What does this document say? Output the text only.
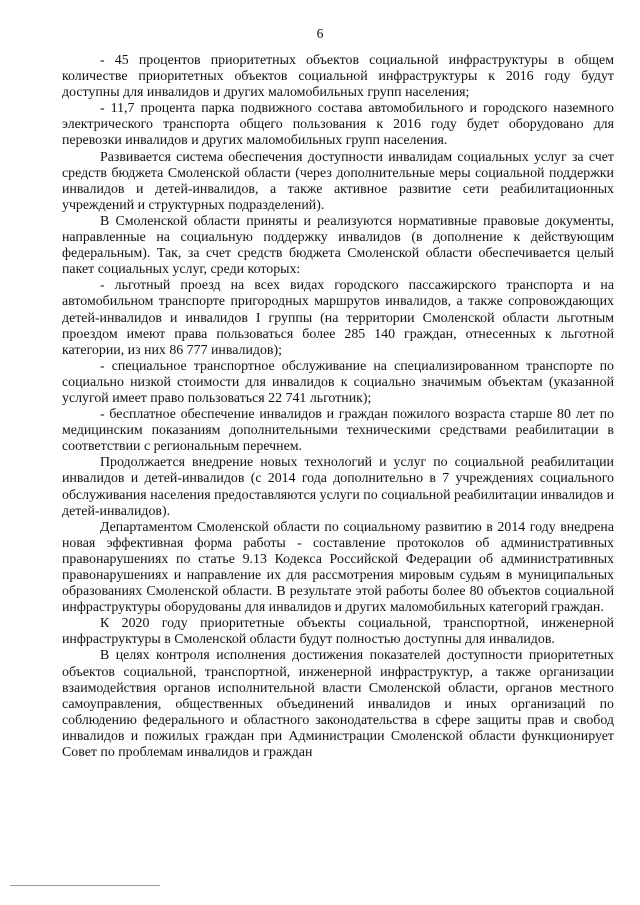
6

- 45 процентов приоритетных объектов социальной инфраструктуры в общем количестве приоритетных объектов социальной инфраструктуры к 2016 году будут доступны для инвалидов и других маломобильных групп населения;

- 11,7 процента парка подвижного состава автомобильного и городского наземного электрического транспорта общего пользования к 2016 году будет оборудовано для перевозки инвалидов и других маломобильных групп населения.

Развивается система обеспечения доступности инвалидам социальных услуг за счет средств бюджета Смоленской области (через дополнительные меры социальной поддержки инвалидов и детей-инвалидов, а также активное развитие сети реабилитационных учреждений и структурных подразделений).

В Смоленской области приняты и реализуются нормативные правовые документы, направленные на социальную поддержку инвалидов (в дополнение к действующим федеральным). Так, за счет средств бюджета Смоленской области обеспечивается целый пакет социальных услуг, среди которых:

- льготный проезд на всех видах городского пассажирского транспорта и на автомобильном транспорте пригородных маршрутов инвалидов, а также сопровождающих детей-инвалидов и инвалидов I группы (на территории Смоленской области льготным проездом имеют права пользоваться более 285 140 граждан, отнесенных к льготной категории, из них 86 777 инвалидов);

- специальное транспортное обслуживание на специализированном транспорте по социально низкой стоимости для инвалидов к социально значимым объектам (указанной услугой имеет право пользоваться 22 741 льготник);

- бесплатное обеспечение инвалидов и граждан пожилого возраста старше 80 лет по медицинским показаниям дополнительными техническими средствами реабилитации в соответствии с региональным перечнем.

Продолжается внедрение новых технологий и услуг по социальной реабилитации инвалидов и детей-инвалидов (с 2014 года дополнительно в 7 учреждениях социального обслуживания населения предоставляются услуги по социальной реабилитации инвалидов и детей-инвалидов).

Департаментом Смоленской области по социальному развитию в 2014 году внедрена новая эффективная форма работы - составление протоколов об административных правонарушениях по статье 9.13 Кодекса Российской Федерации об административных правонарушениях и направление их для рассмотрения мировым судьям в муниципальных образованиях Смоленской области. В результате этой работы более 80 объектов социальной инфраструктуры оборудованы для инвалидов и других маломобильных категорий граждан.

К 2020 году приоритетные объекты социальной, транспортной, инженерной инфраструктуры в Смоленской области будут полностью доступны для инвалидов.

В целях контроля исполнения достижения показателей доступности приоритетных объектов социальной, транспортной, инженерной инфраструктур, а также организации взаимодействия органов исполнительной власти Смоленской области, органов местного самоуправления, общественных объединений инвалидов и иных организаций по соблюдению федерального и областного законодательства в сфере защиты прав и свобод инвалидов и пожилых граждан при Администрации Смоленской области функционирует Совет по проблемам инвалидов и граждан
